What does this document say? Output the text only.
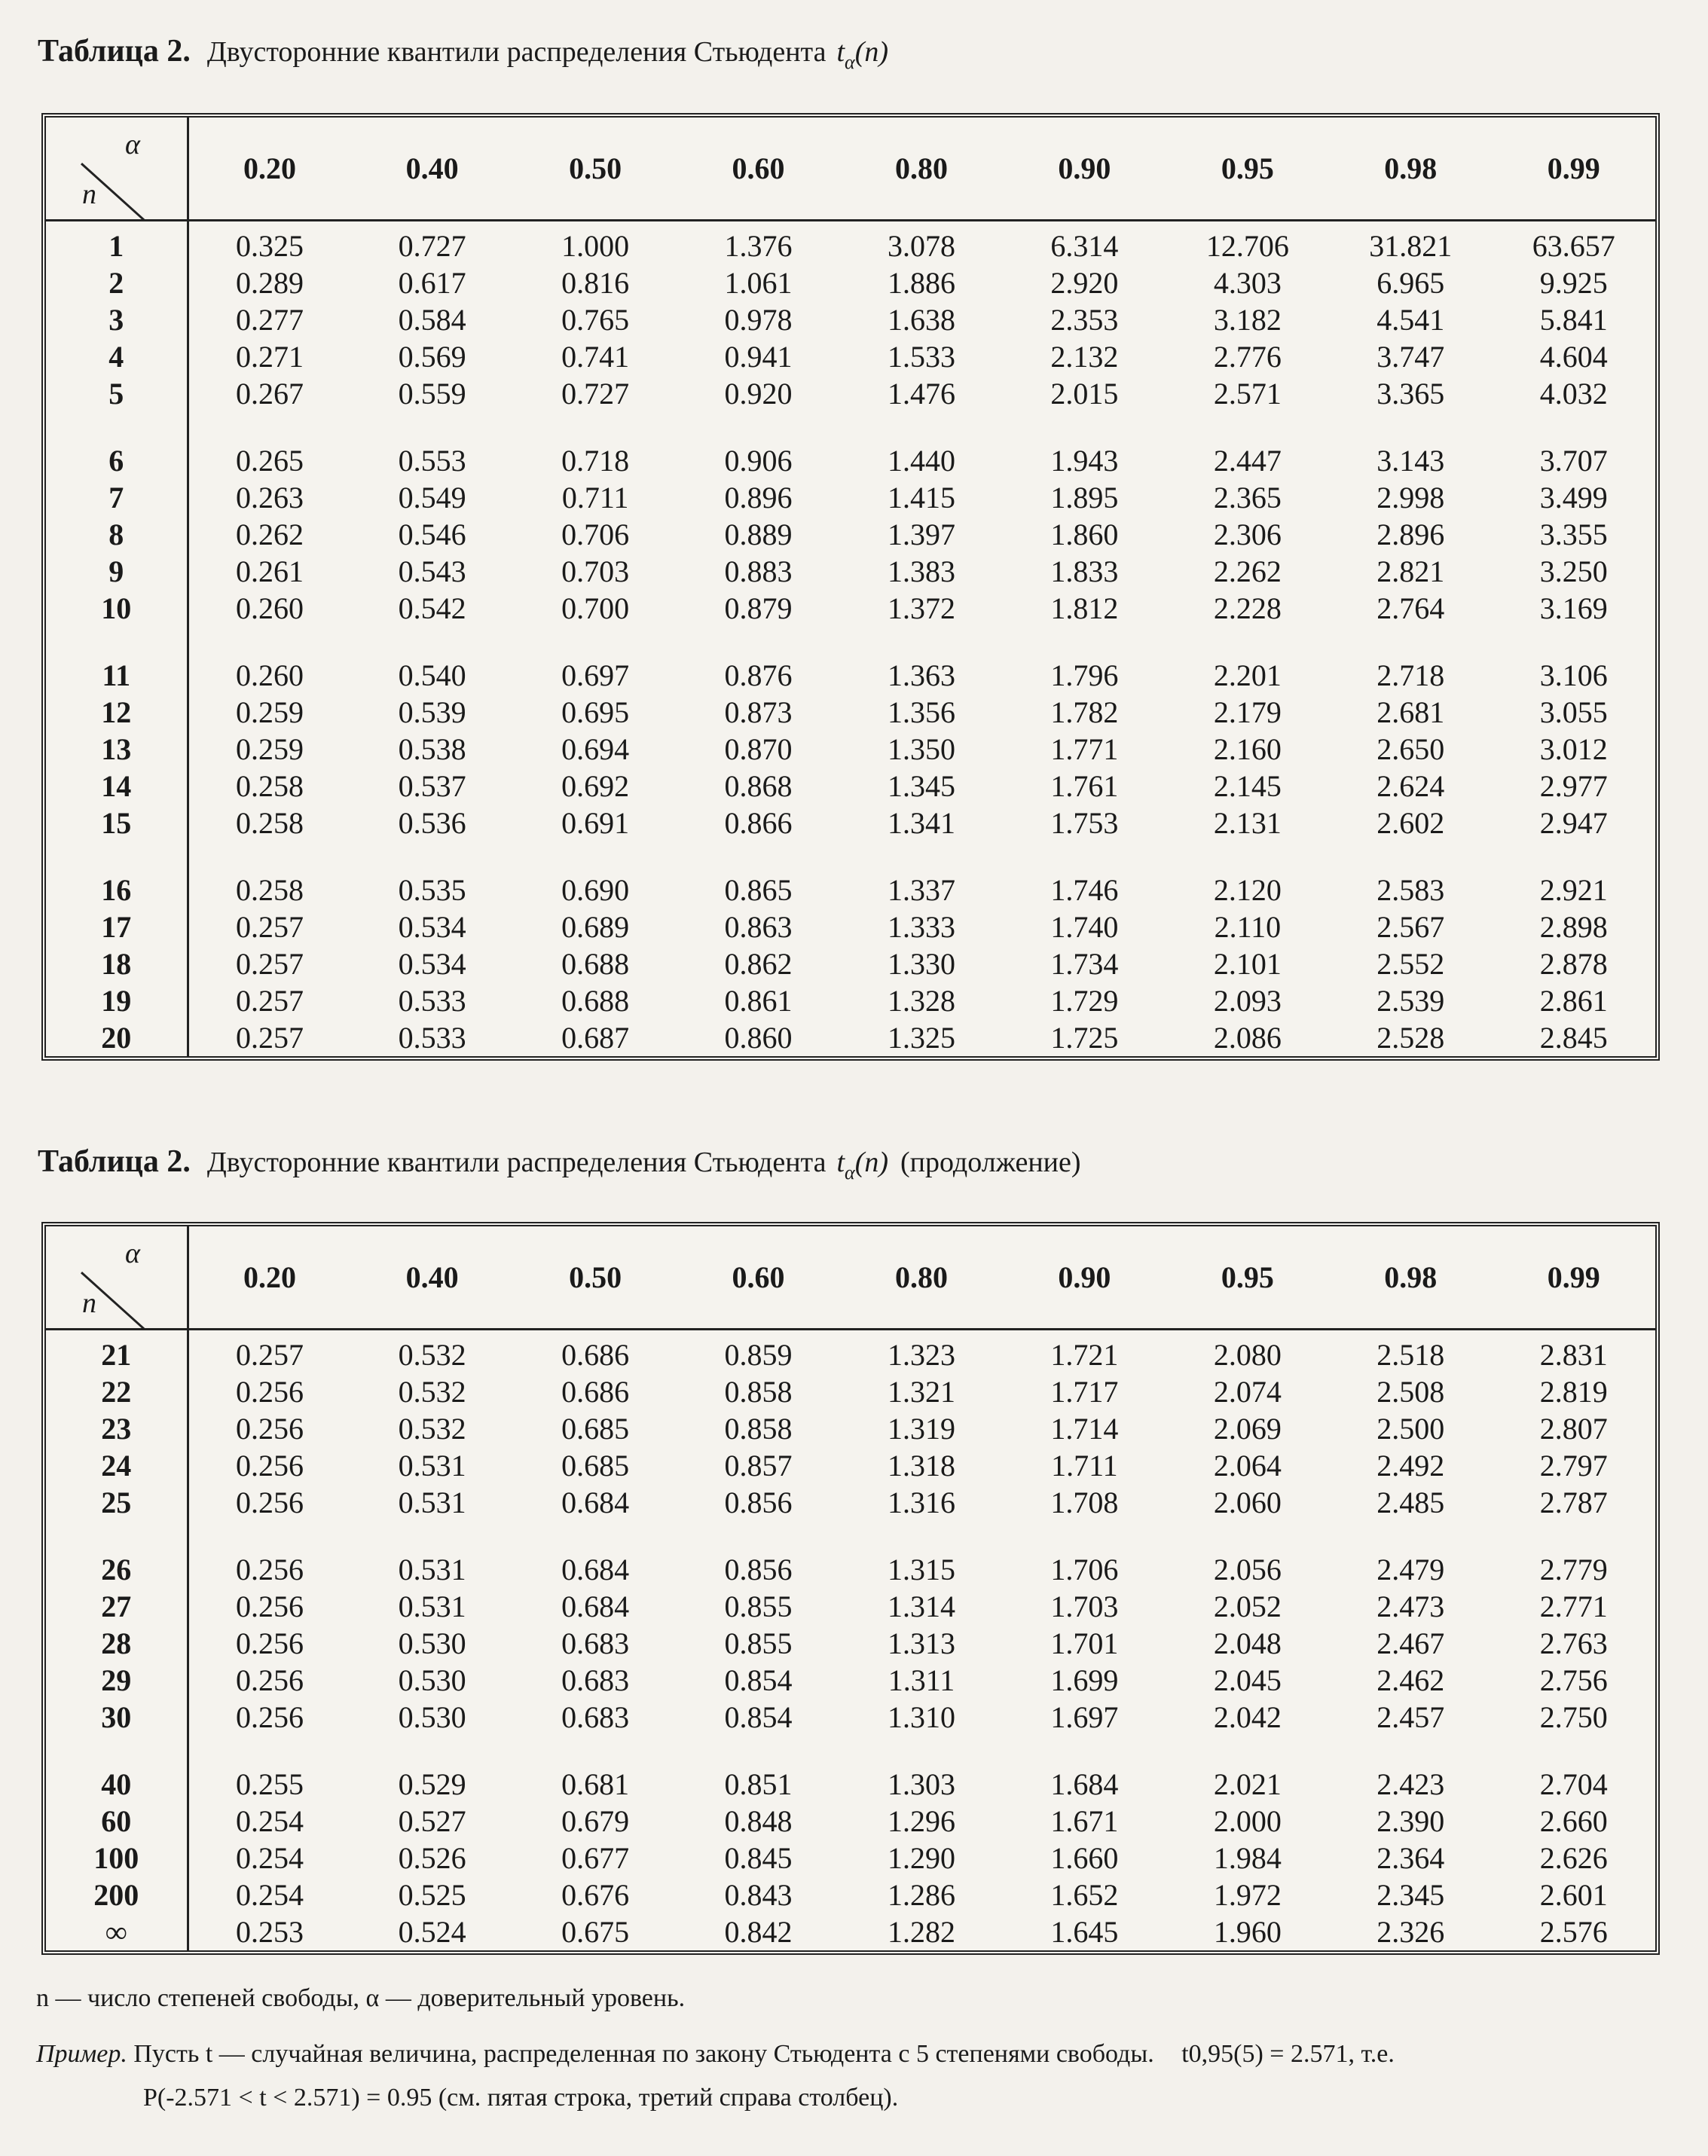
Таблица 2. Двусторонние квантили распределения Стьюдента $t_\alpha(n)$
α
n	0.20	0.40	0.50	0.60	0.80	0.90	0.95	0.98	0.99
1	0.325	0.727	1.000	1.376	3.078	6.314	12.706	31.821	63.657
2	0.289	0.617	0.816	1.061	1.886	2.920	4.303	6.965	9.925
3	0.277	0.584	0.765	0.978	1.638	2.353	3.182	4.541	5.841
4	0.271	0.569	0.741	0.941	1.533	2.132	2.776	3.747	4.604
5	0.267	0.559	0.727	0.920	1.476	2.015	2.571	3.365	4.032

6	0.265	0.553	0.718	0.906	1.440	1.943	2.447	3.143	3.707
7	0.263	0.549	0.711	0.896	1.415	1.895	2.365	2.998	3.499
8	0.262	0.546	0.706	0.889	1.397	1.860	2.306	2.896	3.355
9	0.261	0.543	0.703	0.883	1.383	1.833	2.262	2.821	3.250
10	0.260	0.542	0.700	0.879	1.372	1.812	2.228	2.764	3.169

11	0.260	0.540	0.697	0.876	1.363	1.796	2.201	2.718	3.106
12	0.259	0.539	0.695	0.873	1.356	1.782	2.179	2.681	3.055
13	0.259	0.538	0.694	0.870	1.350	1.771	2.160	2.650	3.012
14	0.258	0.537	0.692	0.868	1.345	1.761	2.145	2.624	2.977
15	0.258	0.536	0.691	0.866	1.341	1.753	2.131	2.602	2.947

16	0.258	0.535	0.690	0.865	1.337	1.746	2.120	2.583	2.921
17	0.257	0.534	0.689	0.863	1.333	1.740	2.110	2.567	2.898
18	0.257	0.534	0.688	0.862	1.330	1.734	2.101	2.552	2.878
19	0.257	0.533	0.688	0.861	1.328	1.729	2.093	2.539	2.861
20	0.257	0.533	0.687	0.860	1.325	1.725	2.086	2.528	2.845
Таблица 2. Двусторонние квантили распределения Стьюдента $t_\alpha(n)$ (продолжение)
α
n	0.20	0.40	0.50	0.60	0.80	0.90	0.95	0.98	0.99
21	0.257	0.532	0.686	0.859	1.323	1.721	2.080	2.518	2.831
22	0.256	0.532	0.686	0.858	1.321	1.717	2.074	2.508	2.819
23	0.256	0.532	0.685	0.858	1.319	1.714	2.069	2.500	2.807
24	0.256	0.531	0.685	0.857	1.318	1.711	2.064	2.492	2.797
25	0.256	0.531	0.684	0.856	1.316	1.708	2.060	2.485	2.787

26	0.256	0.531	0.684	0.856	1.315	1.706	2.056	2.479	2.779
27	0.256	0.531	0.684	0.855	1.314	1.703	2.052	2.473	2.771
28	0.256	0.530	0.683	0.855	1.313	1.701	2.048	2.467	2.763
29	0.256	0.530	0.683	0.854	1.311	1.699	2.045	2.462	2.756
30	0.256	0.530	0.683	0.854	1.310	1.697	2.042	2.457	2.750

40	0.255	0.529	0.681	0.851	1.303	1.684	2.021	2.423	2.704
60	0.254	0.527	0.679	0.848	1.296	1.671	2.000	2.390	2.660
100	0.254	0.526	0.677	0.845	1.290	1.660	1.984	2.364	2.626
200	0.254	0.525	0.676	0.843	1.286	1.652	1.972	2.345	2.601
∞	0.253	0.524	0.675	0.842	1.282	1.645	1.960	2.326	2.576
n — число степеней свободы, α — доверительный уровень.
Пример. Пусть t — случайная величина, распределенная по закону Стьюдента с 5 степенями свободы. t0,95(5) = 2.571, т.е.
P(-2.571 < t < 2.571) = 0.95 (см. пятая строка, третий справа столбец).
